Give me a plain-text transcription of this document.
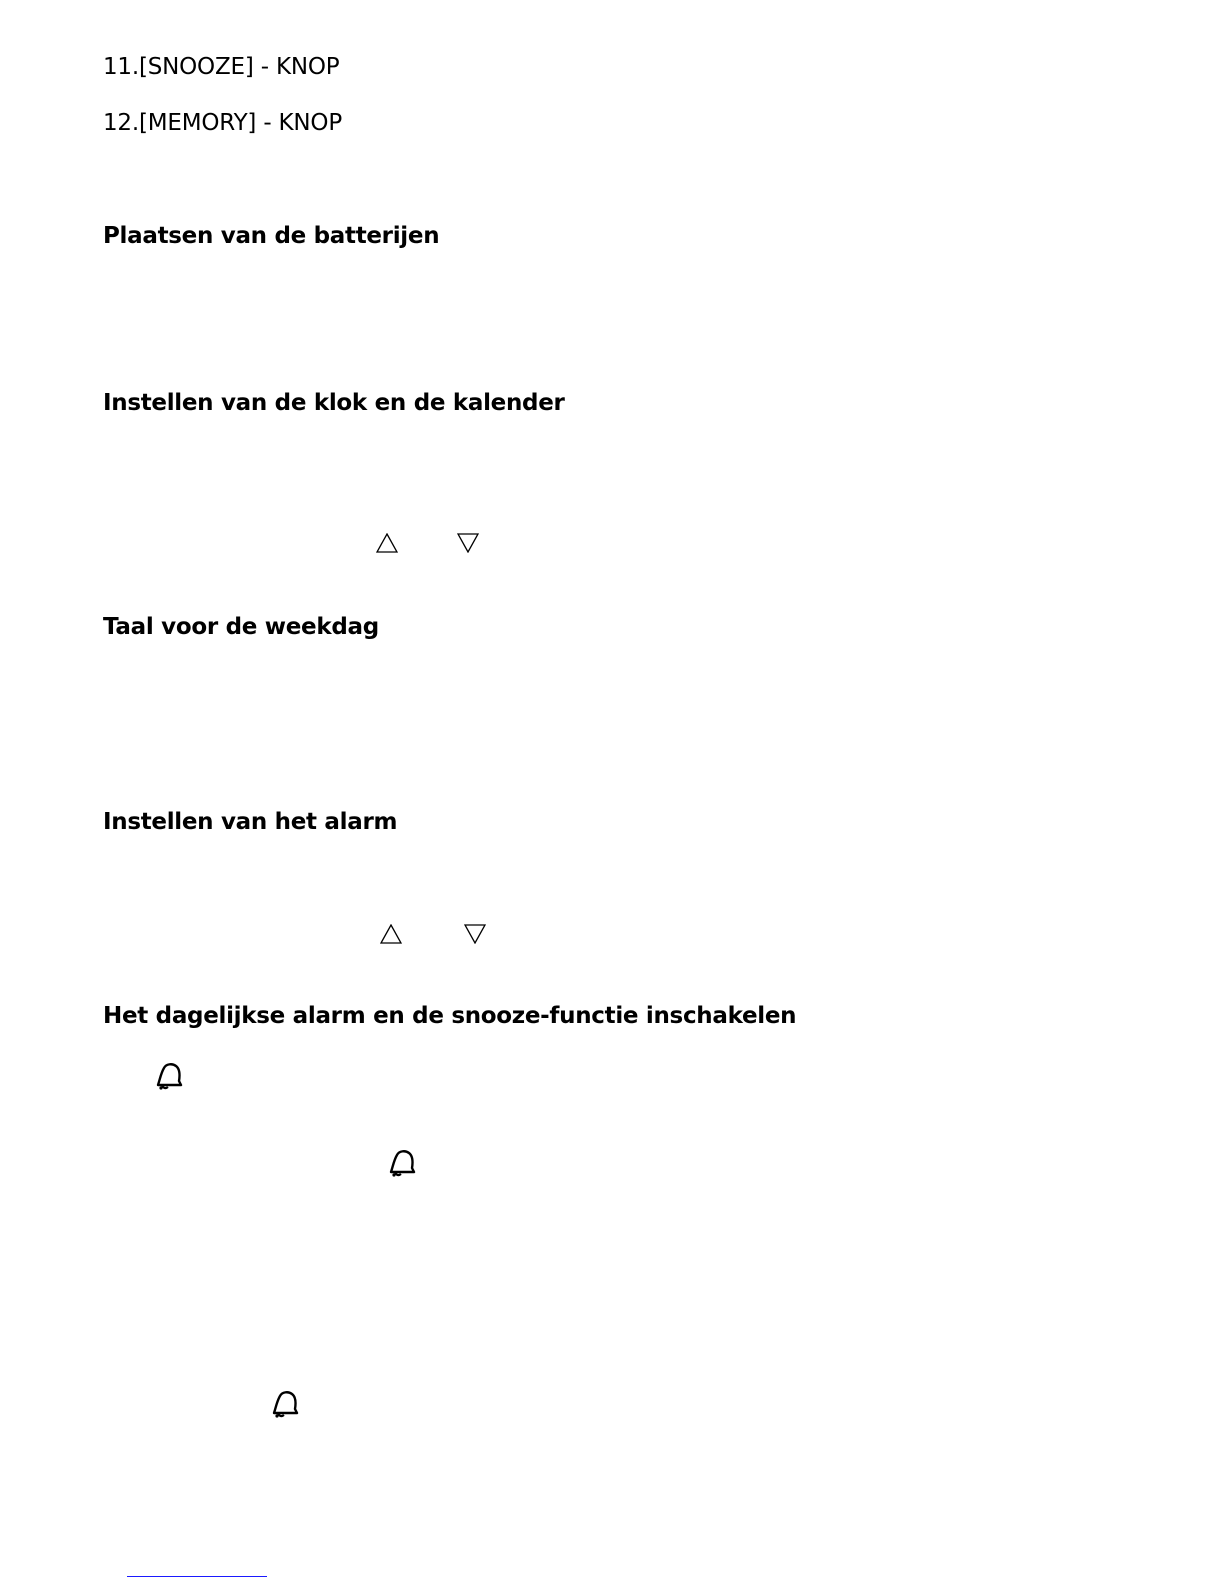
11.[SNOOZE] - KNOP
12.[MEMORY] - KNOP
Plaatsen van de batterijen
Instellen van de klok en de kalender
Taal voor de weekdag
Instellen van het alarm
Het dagelijkse alarm en de snooze-functie inschakelen
